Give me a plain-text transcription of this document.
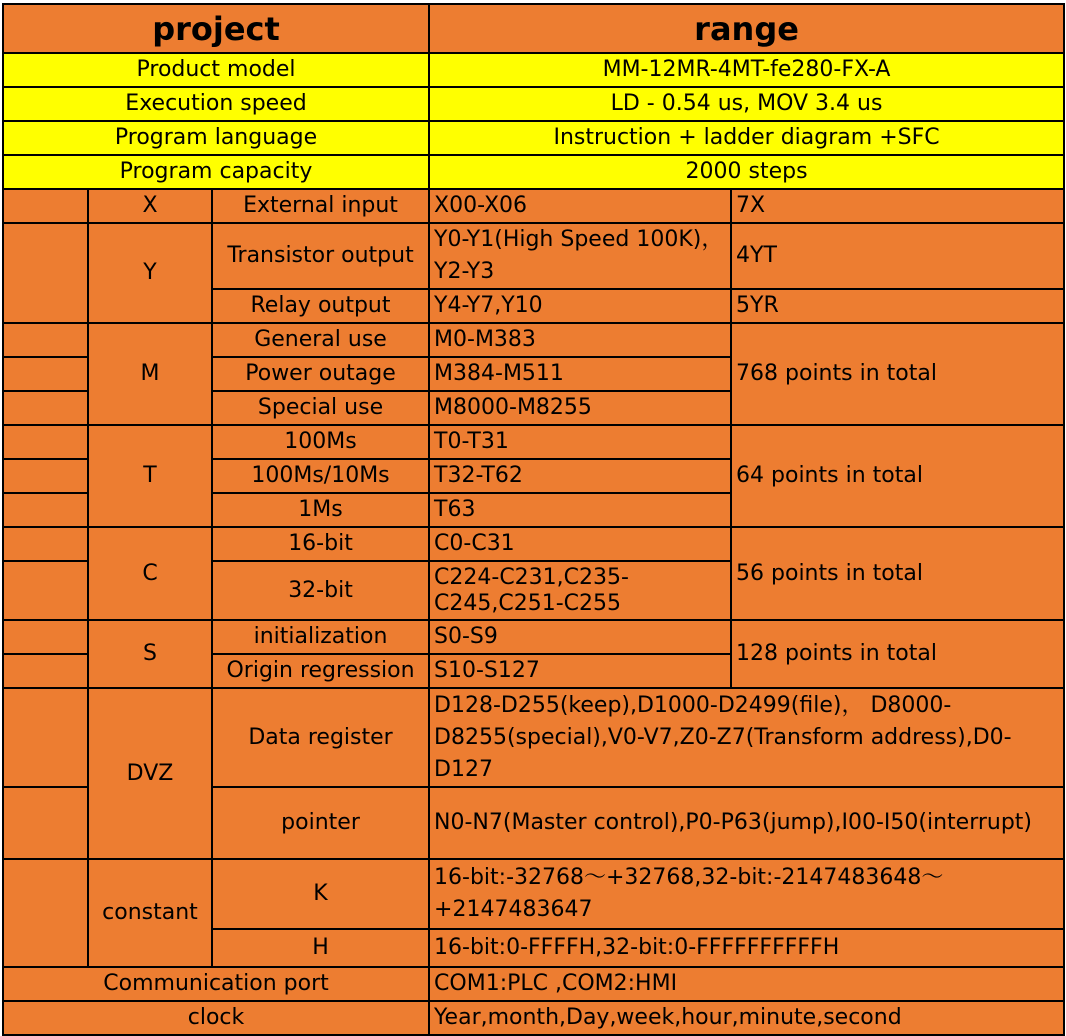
project			range	
Product model			MM-12MR-4MT-fe280-FX-A	
Execution speed			LD - 0.54 us, MOV 3.4 us	
Program language			Instruction + ladder diagram +SFC	
Program capacity			2000 steps	
	X	External input	X00-X06	7X
	Y	Transistor output	Y0-Y1(High Speed 100K)，Y2-Y3	4YT
		Relay output	Y4-Y7,Y10	5YR
	M	General use	M0-M383	768 points in total
		Power outage	M384-M511	
		Special use	M8000-M8255	
	T	100Ms	T0-T31	64 points in total
		100Ms/10Ms	T32-T62	
		1Ms	T63	
	C	16-bit	C0-C31	56 points in total
		32-bit	C224-C231,C235-C245,C251-C255	
	S	initialization	S0-S9	128 points in total
		Origin regression	S10-S127	
	DVZ	Data register	D128-D255(keep),D1000-D2499(file)， D8000-D8255(special),V0-V7,Z0-Z7(Transform address),D0-D127	
		pointer	N0-N7(Master control),P0-P63(jump),I00-I50(interrupt)	
	constant	K	16-bit:-32768～+32768,32-bit:-2147483648～+2147483647	
		H	16-bit:0-FFFFH,32-bit:0-FFFFFFFFFFH	
Communication port			COM1:PLC ,COM2:HMI	
clock			Year,month,Day,week,hour,minute,second	
